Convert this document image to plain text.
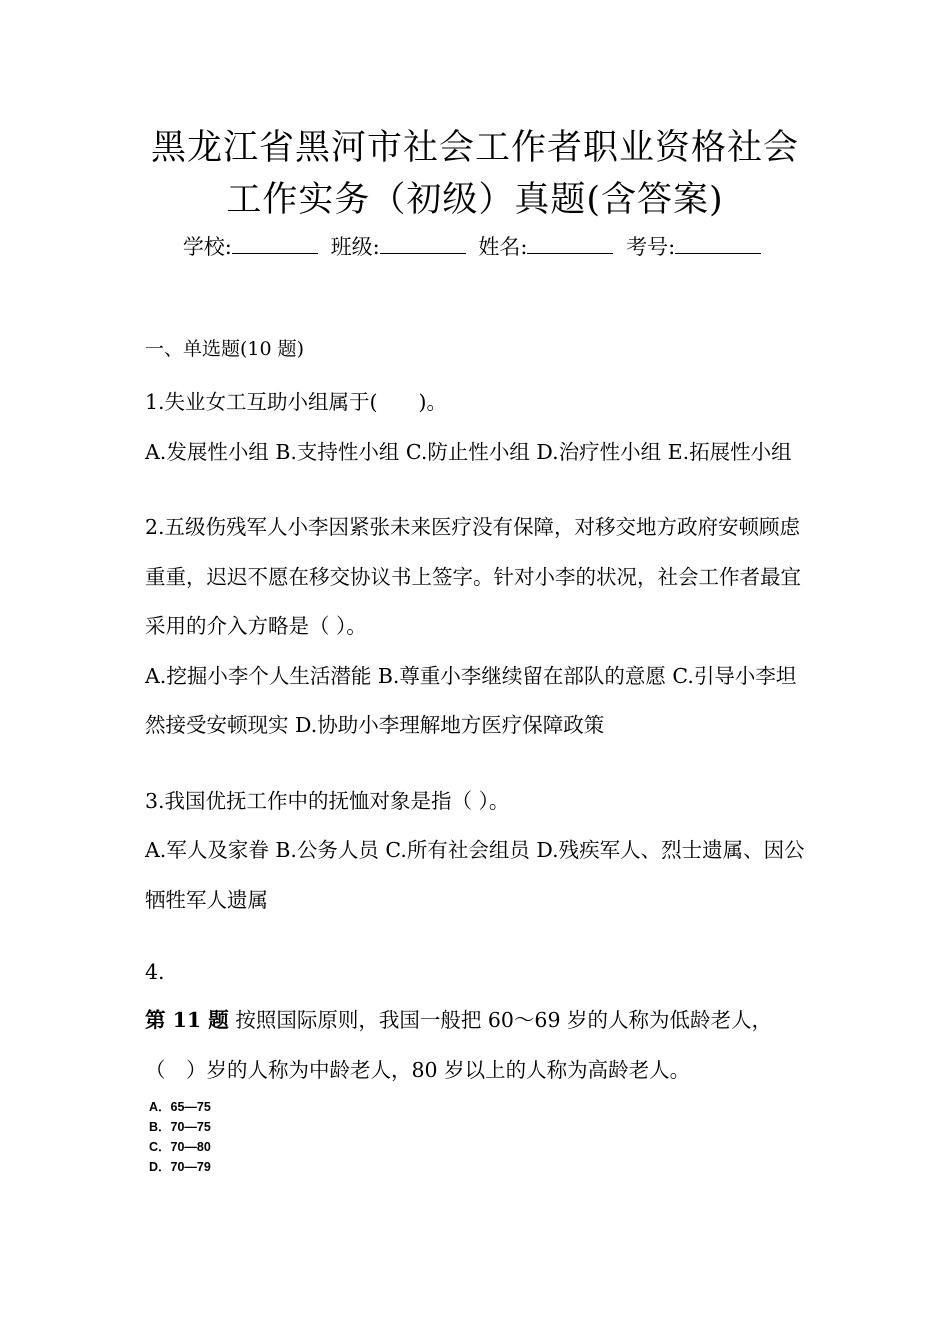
黑龙江省黑河市社会工作者职业资格社会
工作实务（初级）真题(含答案)
学校:	班级:	姓名:	考号:

一、单选题(10 题)

1.失业女工互助小组属于(　　)。

A.发展性小组 B.支持性小组 C.防止性小组 D.治疗性小组 E.拓展性小组

2.五级伤残军人小李因紧张未来医疗没有保障，对移交地方政府安顿顾虑重重，迟迟不愿在移交协议书上签字。针对小李的状况，社会工作者最宜采用的介入方略是（ ）。

A.挖掘小李个人生活潜能 B.尊重小李继续留在部队的意愿 C.引导小李坦然接受安顿现实 D.协助小李理解地方医疗保障政策

3.我国优抚工作中的抚恤对象是指（ ）。

A.军人及家眷 B.公务人员 C.所有社会组员 D.残疾军人、烈士遗属、因公牺牲军人遗属

4.

第 11 题 按照国际原则，我国一般把 60～69 岁的人称为低龄老人，（　）岁的人称为中龄老人，80 岁以上的人称为高龄老人。

A．65—75
B．70—75
C．70—80
D．70—79
